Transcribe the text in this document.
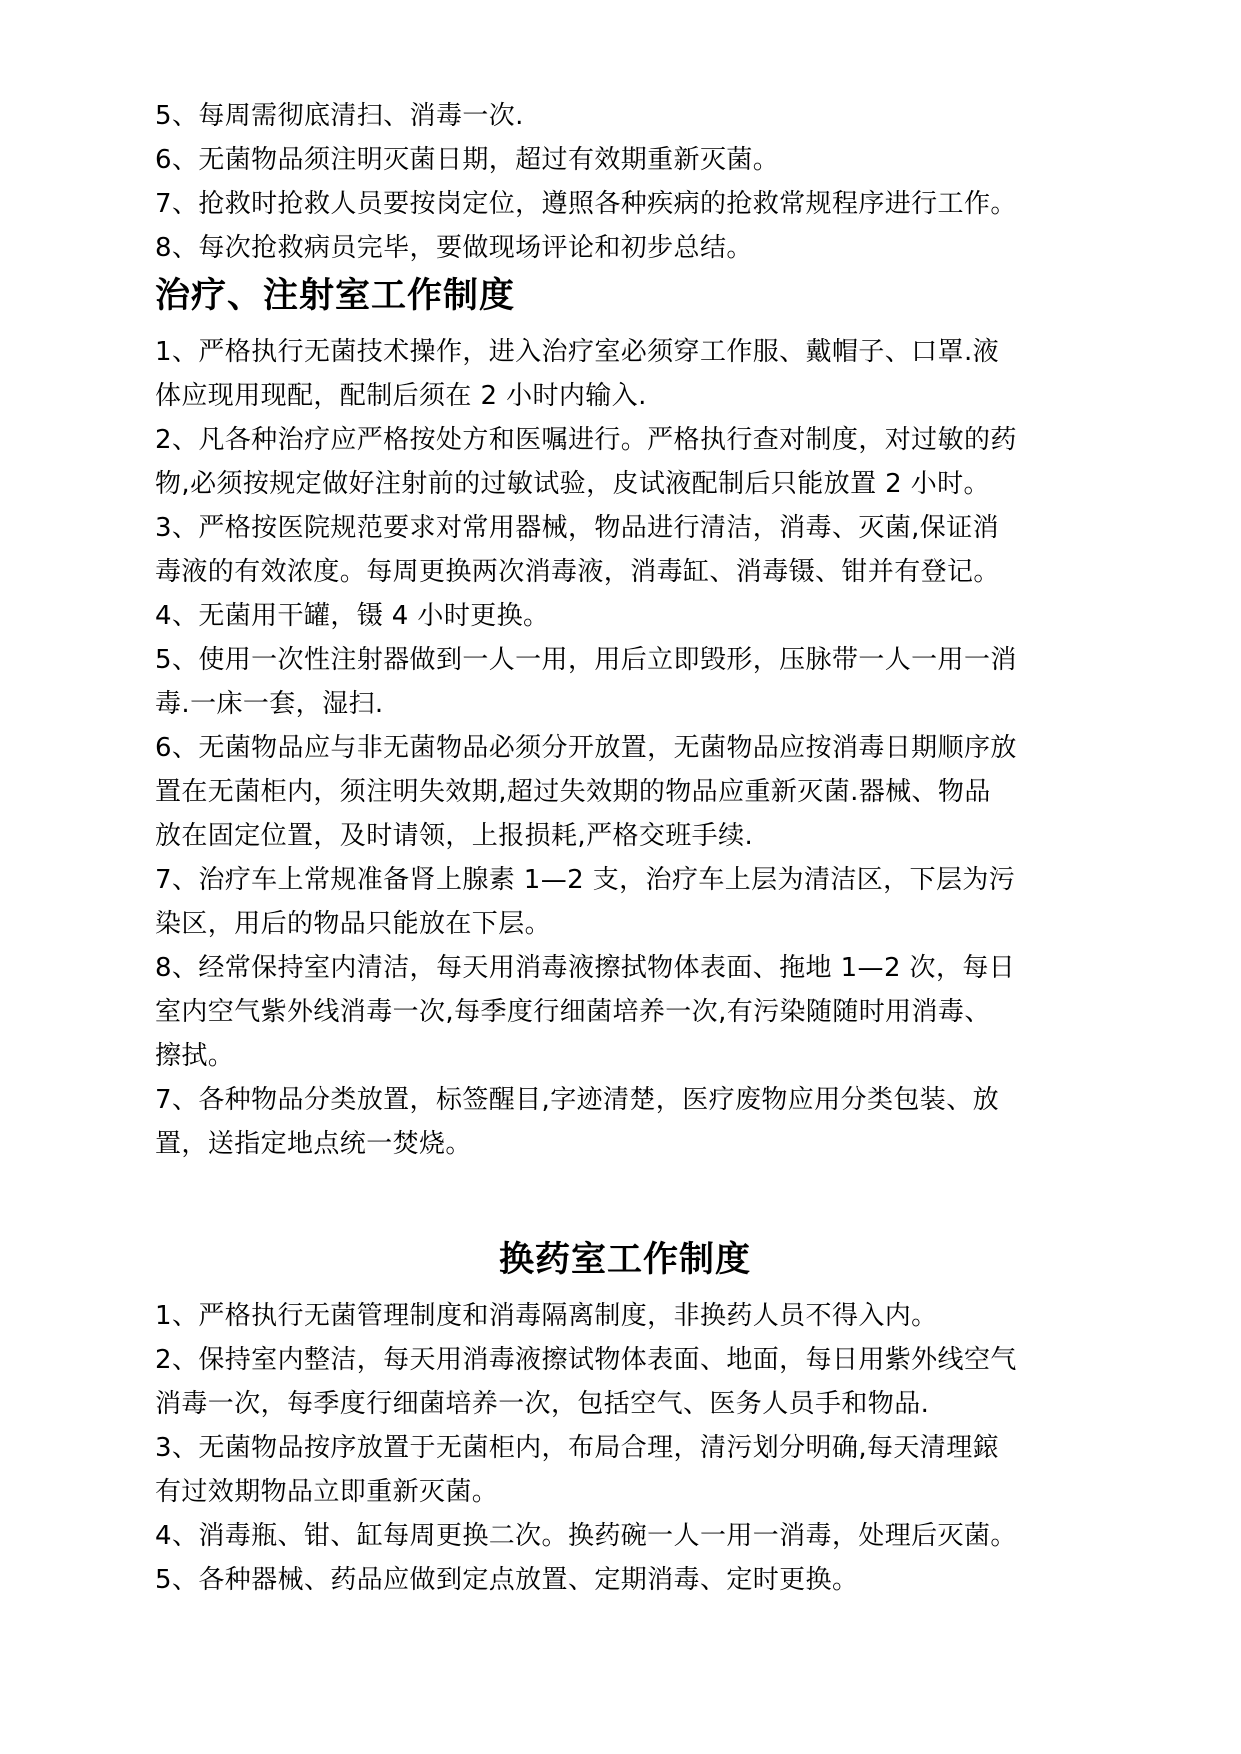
5、每周需彻底清扫、消毒一次.
6、无菌物品须注明灭菌日期，超过有效期重新灭菌。
7、抢救时抢救人员要按岗定位，遵照各种疾病的抢救常规程序进行工作。
8、每次抢救病员完毕，要做现场评论和初步总结。
治疗、注射室工作制度
1、严格执行无菌技术操作，进入治疗室必须穿工作服、戴帽子、口罩.液
体应现用现配，配制后须在 2 小时内输入.
2、凡各种治疗应严格按处方和医嘱进行。严格执行查对制度，对过敏的药
物,必须按规定做好注射前的过敏试验，皮试液配制后只能放置 2 小时。
3、严格按医院规范要求对常用器械，物品进行清洁，消毒、灭菌,保证消
毒液的有效浓度。每周更换两次消毒液，消毒缸、消毒镊、钳并有登记。
4、无菌用干罐，镊 4 小时更换。
5、使用一次性注射器做到一人一用，用后立即毁形，压脉带一人一用一消
毒.一床一套，湿扫.
6、无菌物品应与非无菌物品必须分开放置，无菌物品应按消毒日期顺序放
置在无菌柜内，须注明失效期,超过失效期的物品应重新灭菌.器械、物品
放在固定位置，及时请领，上报损耗,严格交班手续.
7、治疗车上常规准备肾上腺素 1—2 支，治疗车上层为清洁区，下层为污
染区，用后的物品只能放在下层。
8、经常保持室内清洁，每天用消毒液擦拭物体表面、拖地 1—2 次，每日
室内空气紫外线消毒一次,每季度行细菌培养一次,有污染随随时用消毒、
擦拭。
7、各种物品分类放置，标签醒目,字迹清楚，医疗废物应用分类包装、放
置，送指定地点统一焚烧。
换药室工作制度
1、严格执行无菌管理制度和消毒隔离制度，非换药人员不得入内。
2、保持室内整洁，每天用消毒液擦试物体表面、地面，每日用紫外线空气
消毒一次，每季度行细菌培养一次，包括空气、医务人员手和物品.
3、无菌物品按序放置于无菌柜内，布局合理，清污划分明确,每天清理鎄
有过效期物品立即重新灭菌。
4、消毒瓶、钳、缸每周更换二次。换药碗一人一用一消毒，处理后灭菌。
5、各种器械、药品应做到定点放置、定期消毒、定时更换。
